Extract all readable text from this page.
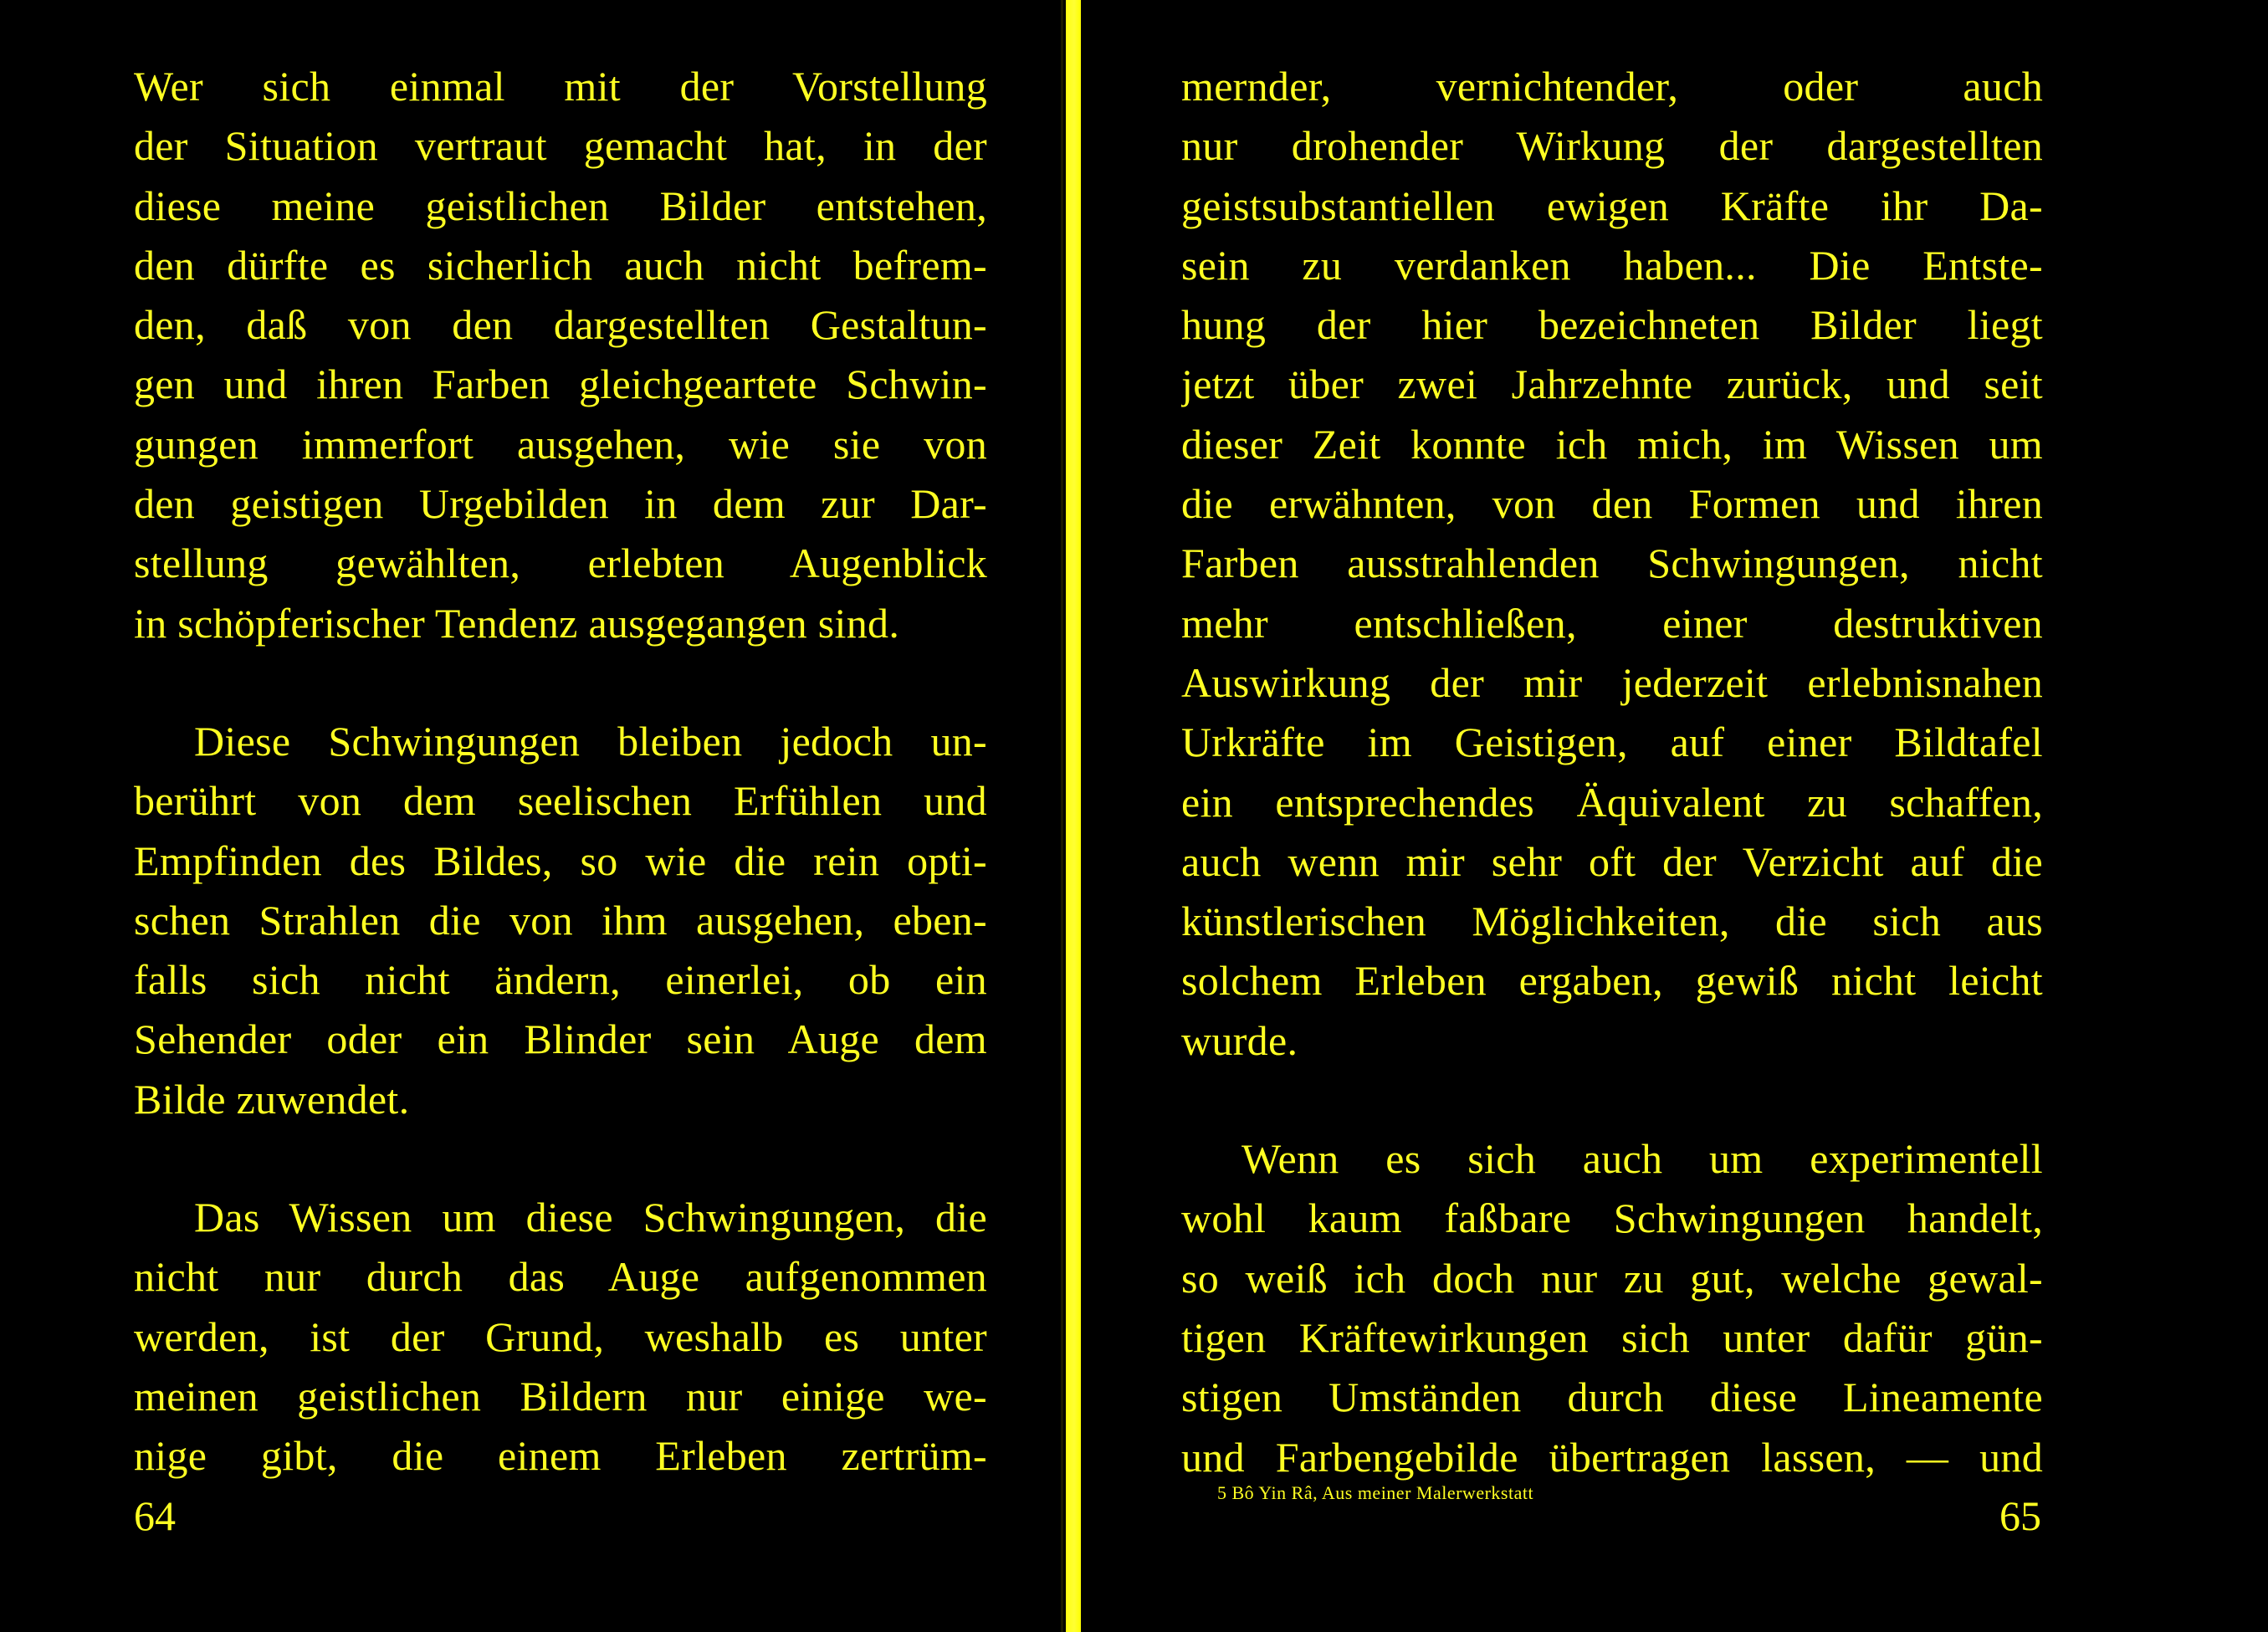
Wer sich einmal mit der Vorstellung
der Situation vertraut gemacht hat, in der
diese meine geistlichen Bilder entstehen,
den dürfte es sicherlich auch nicht befrem-
den, daß von den dargestellten Gestaltun-
gen und ihren Farben gleichgeartete Schwin-
gungen immerfort ausgehen, wie sie von
den geistigen Urgebilden in dem zur Dar-
stellung gewählten, erlebten Augenblick
in schöpferischer Tendenz ausgegangen sind.
Diese Schwingungen bleiben jedoch un-
berührt von dem seelischen Erfühlen und
Empfinden des Bildes, so wie die rein opti-
schen Strahlen die von ihm ausgehen, eben-
falls sich nicht ändern, einerlei, ob ein
Sehender oder ein Blinder sein Auge dem
Bilde zuwendet.
Das Wissen um diese Schwingungen, die
nicht nur durch das Auge aufgenommen
werden, ist der Grund, weshalb es unter
meinen geistlichen Bildern nur einige we-
nige gibt, die einem Erleben zertrüm-
64
mernder, vernichtender, oder auch
nur drohender Wirkung der dargestellten
geistsubstantiellen ewigen Kräfte ihr Da-
sein zu verdanken haben... Die Entste-
hung der hier bezeichneten Bilder liegt
jetzt über zwei Jahrzehnte zurück, und seit
dieser Zeit konnte ich mich, im Wissen um
die erwähnten, von den Formen und ihren
Farben ausstrahlenden Schwingungen, nicht
mehr entschließen, einer destruktiven
Auswirkung der mir jederzeit erlebnisnahen
Urkräfte im Geistigen, auf einer Bildtafel
ein entsprechendes Äquivalent zu schaffen,
auch wenn mir sehr oft der Verzicht auf die
künstlerischen Möglichkeiten, die sich aus
solchem Erleben ergaben, gewiß nicht leicht
wurde.
Wenn es sich auch um experimentell
wohl kaum faßbare Schwingungen handelt,
so weiß ich doch nur zu gut, welche gewal-
tigen Kräftewirkungen sich unter dafür gün-
stigen Umständen durch diese Lineamente
und Farbengebilde übertragen lassen, — und
5 Bô Yin Râ, Aus meiner Malerwerkstatt	65
